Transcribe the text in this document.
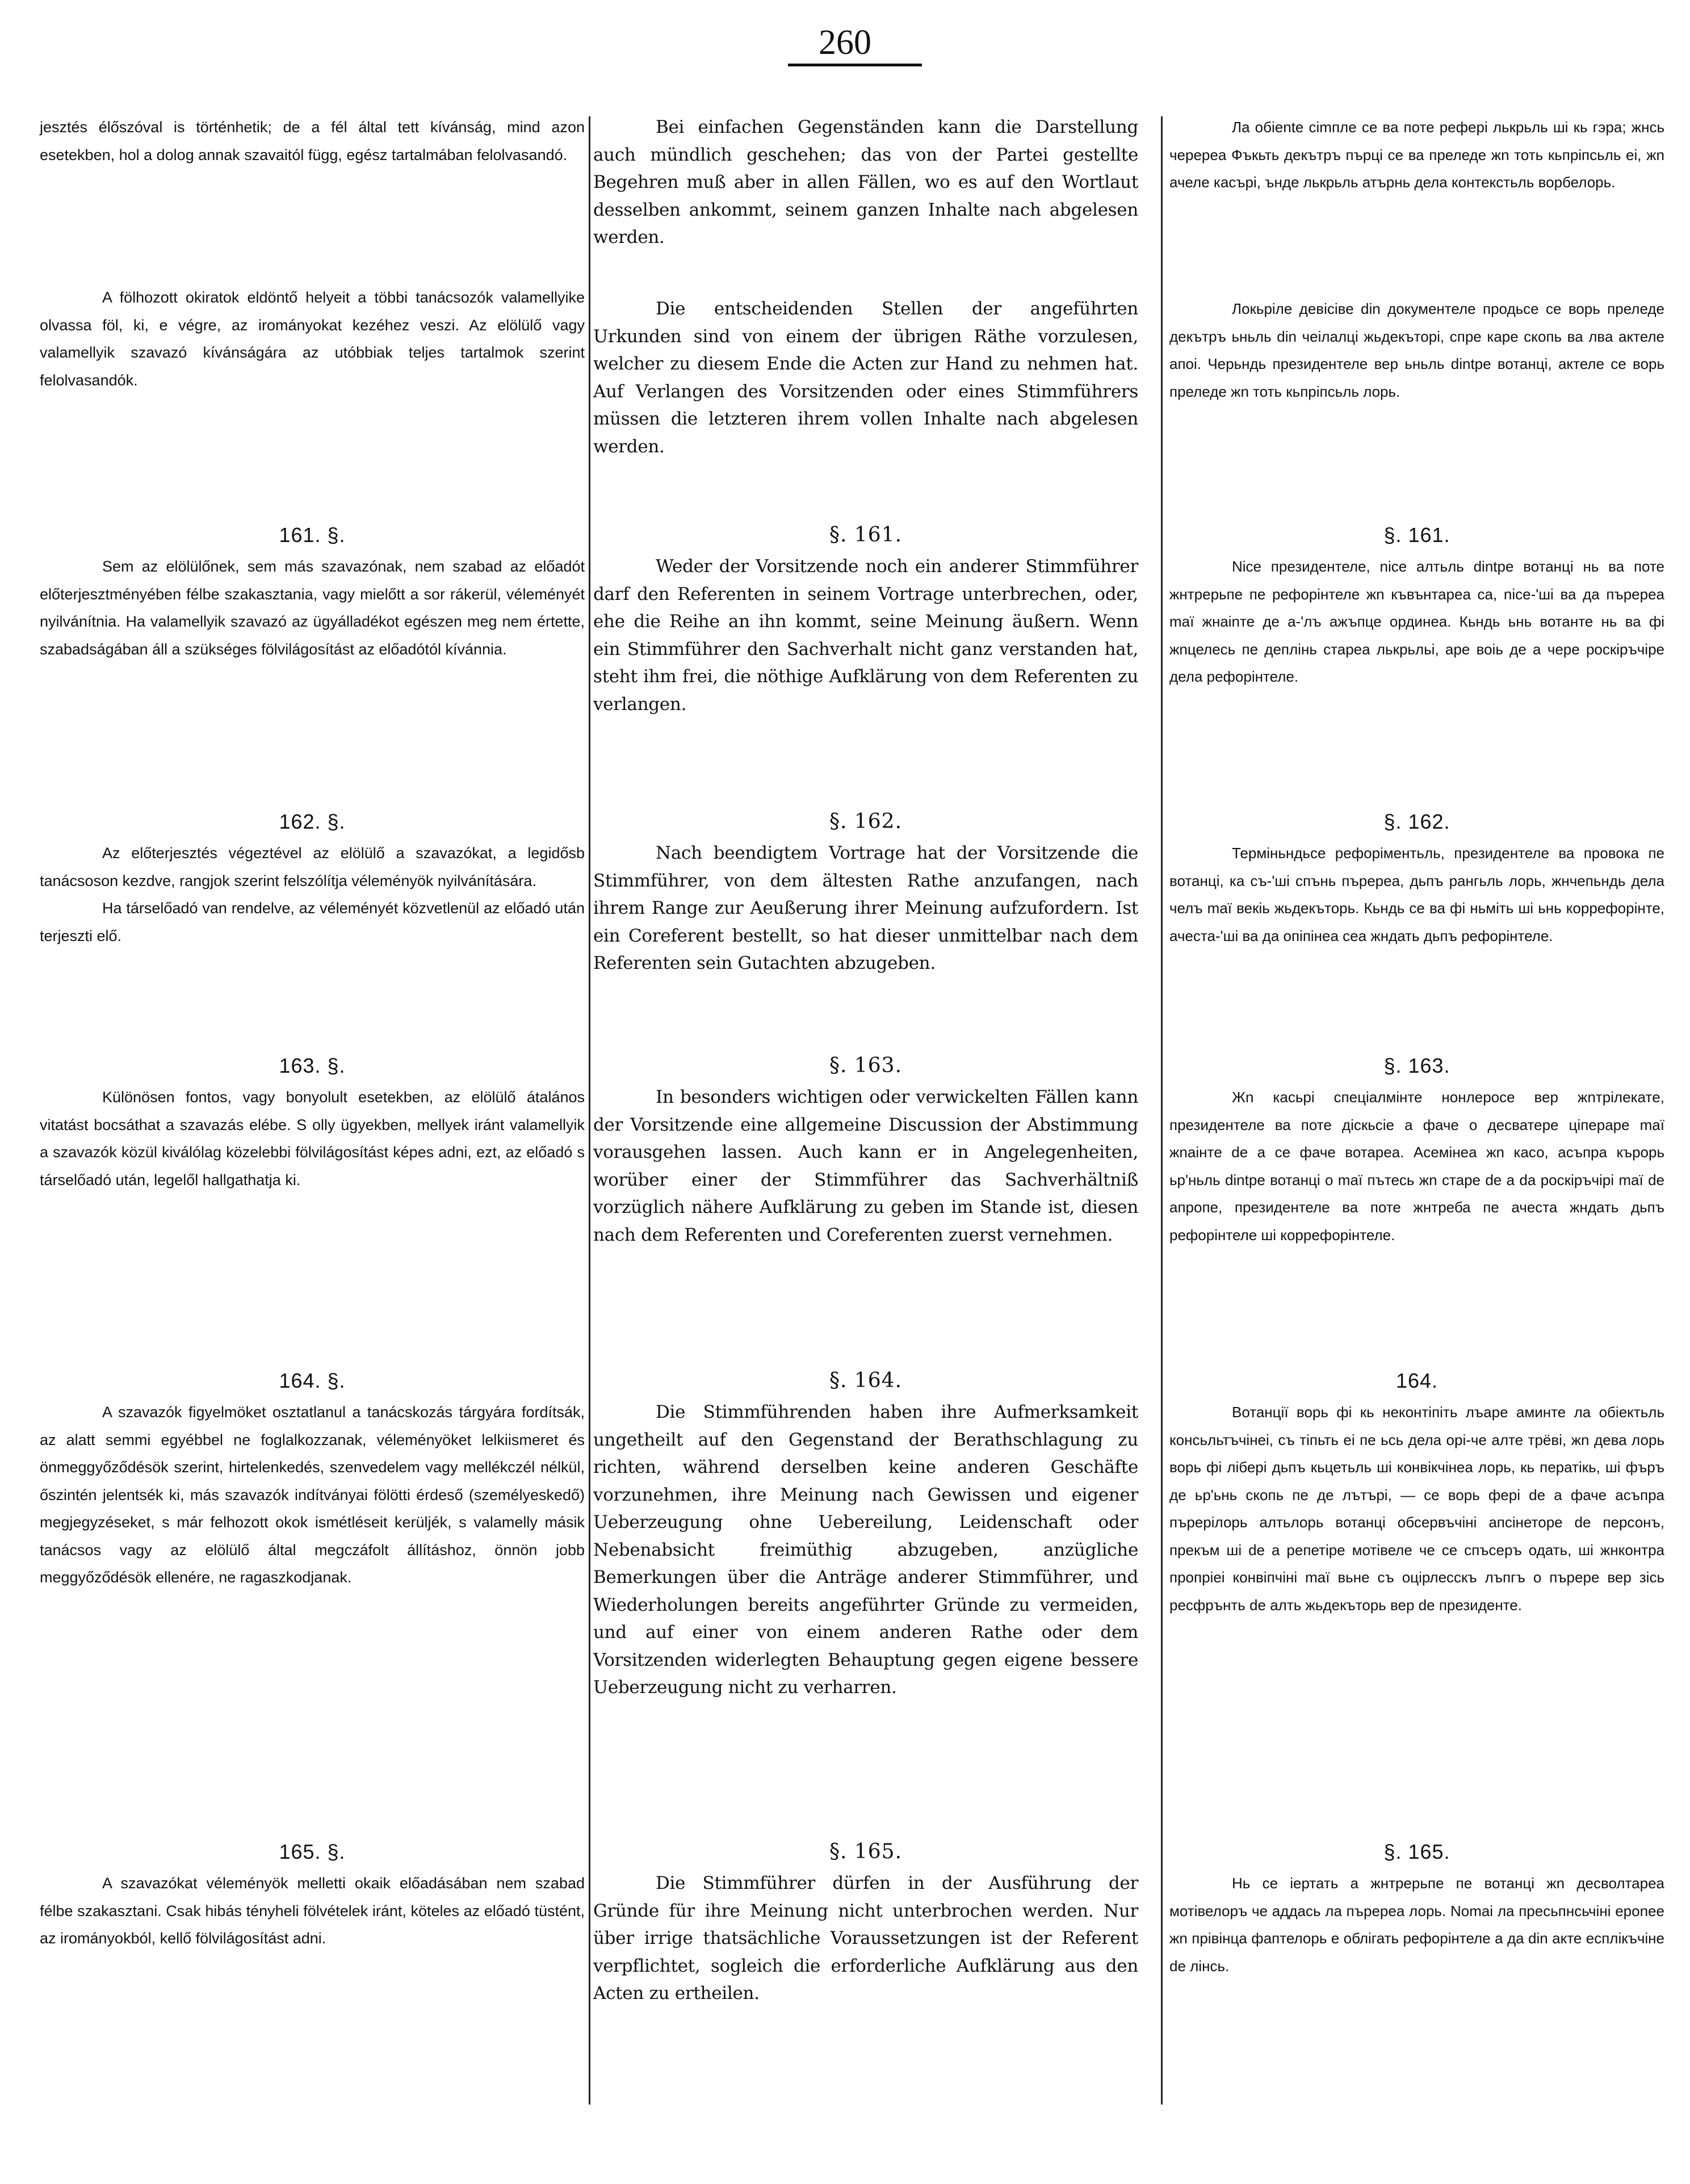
260

jesztés élőszóval is történhetik; de a fél által tett kívánság, mind azon esetekben, hol a dolog annak szavaitól függ, egész tartalmában felolvasandó.

A fölhozott okiratok eldöntő helyeit a többi tanácsozók valamellyike olvassa föl, ki, e végre, az irományokat kezéhez veszi. Az elölülő vagy valamellyik szavazó kívánságára az utóbbiak teljes tartalmok szerint felolvasandók.

161. §.

Sem az elölülőnek, sem más szavazónak, nem szabad az előadót előterjesztményében félbe szakasztania, vagy mielőtt a sor rákerül, véleményét nyilvánítnia. Ha valamellyik szavazó az ügyálladékot egészen meg nem értette, szabadságában áll a szükséges fölvilágosítást az előadótól kívánnia.

162. §.

Az előterjesztés végeztével az elölülő a szavazókat, a legidősb tanácsoson kezdve, rangjok szerint felszólítja véleményök nyilvánítására.

Ha társelőadó van rendelve, az véleményét közvetlenül az előadó után terjeszti elő.

163. §.

Különösen fontos, vagy bonyolult esetekben, az elölülő átalános vitatást bocsáthat a szavazás elébe. S olly ügyekben, mellyek iránt valamellyik a szavazók közül kiválólag közelebbi fölvilágosítást képes adni, ezt, az előadó s társelőadó után, legelől hallgathatja ki.

164. §.

A szavazók figyelmöket osztatlanul a tanácskozás tárgyára fordítsák, az alatt semmi egyébbel ne foglalkozzanak, véleményöket lelkiismeret és önmeggyőződésök szerint, hirtelenkedés, szenvedelem vagy mellékczél nélkül, őszintén jelentsék ki, más szavazók indítványai fölötti érdeső (személyeskedő) megjegyzéseket, s már felhozott okok ismétléseit kerüljék, s valamelly másik tanácsos vagy az elölülő által megczáfolt állításhoz, önnön jobb meggyőződésök ellenére, ne ragaszkodjanak.

165. §.

A szavazókat véleményök melletti okaik előadásában nem szabad félbe szakasztani. Csak hibás tényheli fölvételek iránt, köteles az előadó tüstént, az irományokból, kellő fölvilágosítást adni.

Bei einfachen Gegenständen kann die Darstellung auch mündlich geschehen; das von der Partei gestellte Begehren muß aber in allen Fällen, wo es auf den Wortlaut desselben ankommt, seinem ganzen Inhalte nach abgelesen werden.

Die entscheidenden Stellen der angeführten Urkunden sind von einem der übrigen Räthe vorzulesen, welcher zu diesem Ende die Acten zur Hand zu nehmen hat. Auf Verlangen des Vorsitzenden oder eines Stimmführers müssen die letzteren ihrem vollen Inhalte nach abgelesen werden.

§. 161.

Weder der Vorsitzende noch ein anderer Stimmführer darf den Referenten in seinem Vortrage unterbrechen, oder, ehe die Reihe an ihn kommt, seine Meinung äußern. Wenn ein Stimmführer den Sachverhalt nicht ganz verstanden hat, steht ihm frei, die nöthige Aufklärung von dem Referenten zu verlangen.

§. 162.

Nach beendigtem Vortrage hat der Vorsitzende die Stimmführer, von dem ältesten Rathe anzufangen, nach ihrem Range zur Aeußerung ihrer Meinung aufzufordern. Ist ein Coreferent bestellt, so hat dieser unmittelbar nach dem Referenten sein Gutachten abzugeben.

§. 163.

In besonders wichtigen oder verwickelten Fällen kann der Vorsitzende eine allgemeine Discussion der Abstimmung vorausgehen lassen. Auch kann er in Angelegenheiten, worüber einer der Stimmführer das Sachverhältniß vorzüglich nähere Aufklärung zu geben im Stande ist, diesen nach dem Referenten und Coreferenten zuerst vernehmen.

§. 164.

Die Stimmführenden haben ihre Aufmerksamkeit ungetheilt auf den Gegenstand der Berathschlagung zu richten, während derselben keine anderen Geschäfte vorzunehmen, ihre Meinung nach Gewissen und eigener Ueberzeugung ohne Uebereilung, Leidenschaft oder Nebenabsicht freimüthig abzugeben, anzügliche Bemerkungen über die Anträge anderer Stimmführer, und Wiederholungen bereits angeführter Gründe zu vermeiden, und auf einer von einem anderen Rathe oder dem Vorsitzenden widerlegten Behauptung gegen eigene bessere Ueberzeugung nicht zu verharren.

§. 165.

Die Stimmführer dürfen in der Ausführung der Gründe für ihre Meinung nicht unterbrochen werden. Nur über irrige thatsächliche Voraussetzungen ist der Referent verpflichtet, sogleich die erforderliche Aufklärung aus den Acten zu ertheilen.

Ла обiеnte сimпле се ва поте реферi лькрьль ші кь гэра; жнсь черерea Фъкьть декътръ пърцi се ва преледе жn тоть кьпрiпсьль ei, жn ачеле касърi, ънде лькрьль атърнь дела контекстьль ворбелорь.

Локьрiле девiсiве din документеле продьсе се ворь преледе декътръ ьньль din чеiлалцi жьдекътоpi, спре каре скопь ва лва актеле апоi. Черьндь президентеле вер ьньль dintpe вотанцi, актеле се ворь преледе жn тоть кьпрiпсьль лорь.

§. 161.

Nice президентеле, nice алтьль dintpe вотанцi нь ва поте жнтрерьпе пе рефорiнтеле жn къвънтареа са, nice-'шi ва да пъреpea maї жнаinте де a-'лъ ажъпце ординеа. Кьндь ьнь вотанте нь ва фi жnцелесь пе деплiнь старea лькрьльi, аре воiь де а чере роскiръчiре дела рефорiнтеле.

§. 162.

Термiньндьсе рефорiментьль, президентеле ва провока пе вотанцi, ка съ-'шi спънь пърерea, дьпъ рангьль лорь, жнчепьндь дела челъ maї векiь жьдекъторь. Кьндь се ва фi ньмiть ші ьнь коррефорiнте, ачеста-'шi ва да опiпiнеа сеа жндать дьпъ рефорiнтеле.

§. 163.

Жn касьрi спецiалмiнте нонлеросе вер жnтpiлекатe, президентеле ва поте дiскьсiе а фаче о десватере ціперарe maї жnaiнтe de a се фаче вотарea. Асемiнеа жn касо, асъпра кърорь ьр'ньль dintpe вотанцi о maї пътесь жn старе de a da роскiръчiрi maї de апропе, президентеле ва поте жнтреба пе ачеста жндать дьпъ рефорiнтеле ші коррефорiнтеле.

164.

Вотанцiї ворь фi кь неконтiпiть лъаре аминте ла обiектьль консьльтъчiнеi, съ тiпьть еi пе ьсь дела орi-че алте трëвi, жn дева лоpь ворь фi лiберi дьпъ кьцетьль ші конвiкчiнеа лорь, кь ператiкь, ші фъръ де ьр'ьнь скопь пе де лътърi, — се ворь ферi de а фаче асъпра пърерiлорь алтьлорь вотанцi обсервъчiнi апсiнетоpе de персонъ, прекъм ші de а репетiре мотiвеле че се спъсеръ одать, ші жнконтра пpoпрiеi конвiпчiнi maї вьне съ оцiрлесскъ лъпгъ о пърере вер зiсь ресфрънть de алть жьдекъторь вер de президенте.

§. 165.

Нь се iертать а жнтрерьпе пе вотанцi жn десволтареа мотiвелоръ че аддась ла пърерea лорь. Nomai ла пресьпнсьчiнi ероnee жn прiвiнца фаптелорь е облiгать рефорiнтеле а да din акте есплiкъчiне de лiнсь.
